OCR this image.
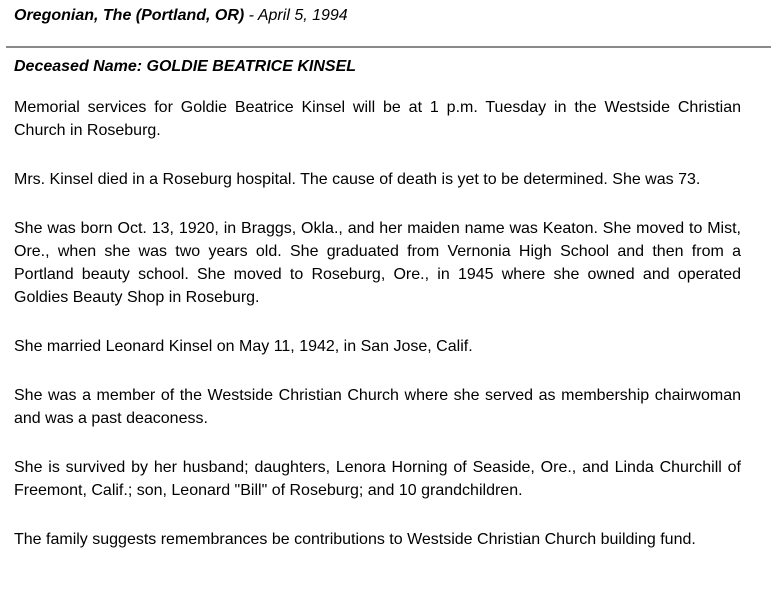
Oregonian, The (Portland, OR) - April 5, 1994
Deceased Name: GOLDIE BEATRICE KINSEL

Memorial services for Goldie Beatrice Kinsel will be at 1 p.m. Tuesday in the Westside Christian Church in Roseburg.

Mrs. Kinsel died in a Roseburg hospital. The cause of death is yet to be determined. She was 73.

She was born Oct. 13, 1920, in Braggs, Okla., and her maiden name was Keaton. She moved to Mist, Ore., when she was two years old. She graduated from Vernonia High School and then from a Portland beauty school. She moved to Roseburg, Ore., in 1945 where she owned and operated Goldies Beauty Shop in Roseburg.

She married Leonard Kinsel on May 11, 1942, in San Jose, Calif.

She was a member of the Westside Christian Church where she served as membership chairwoman and was a past deaconess.

She is survived by her husband; daughters, Lenora Horning of Seaside, Ore., and Linda Churchill of Freemont, Calif.; son, Leonard "Bill" of Roseburg; and 10 grandchildren.

The family suggests remembrances be contributions to Westside Christian Church building fund.
